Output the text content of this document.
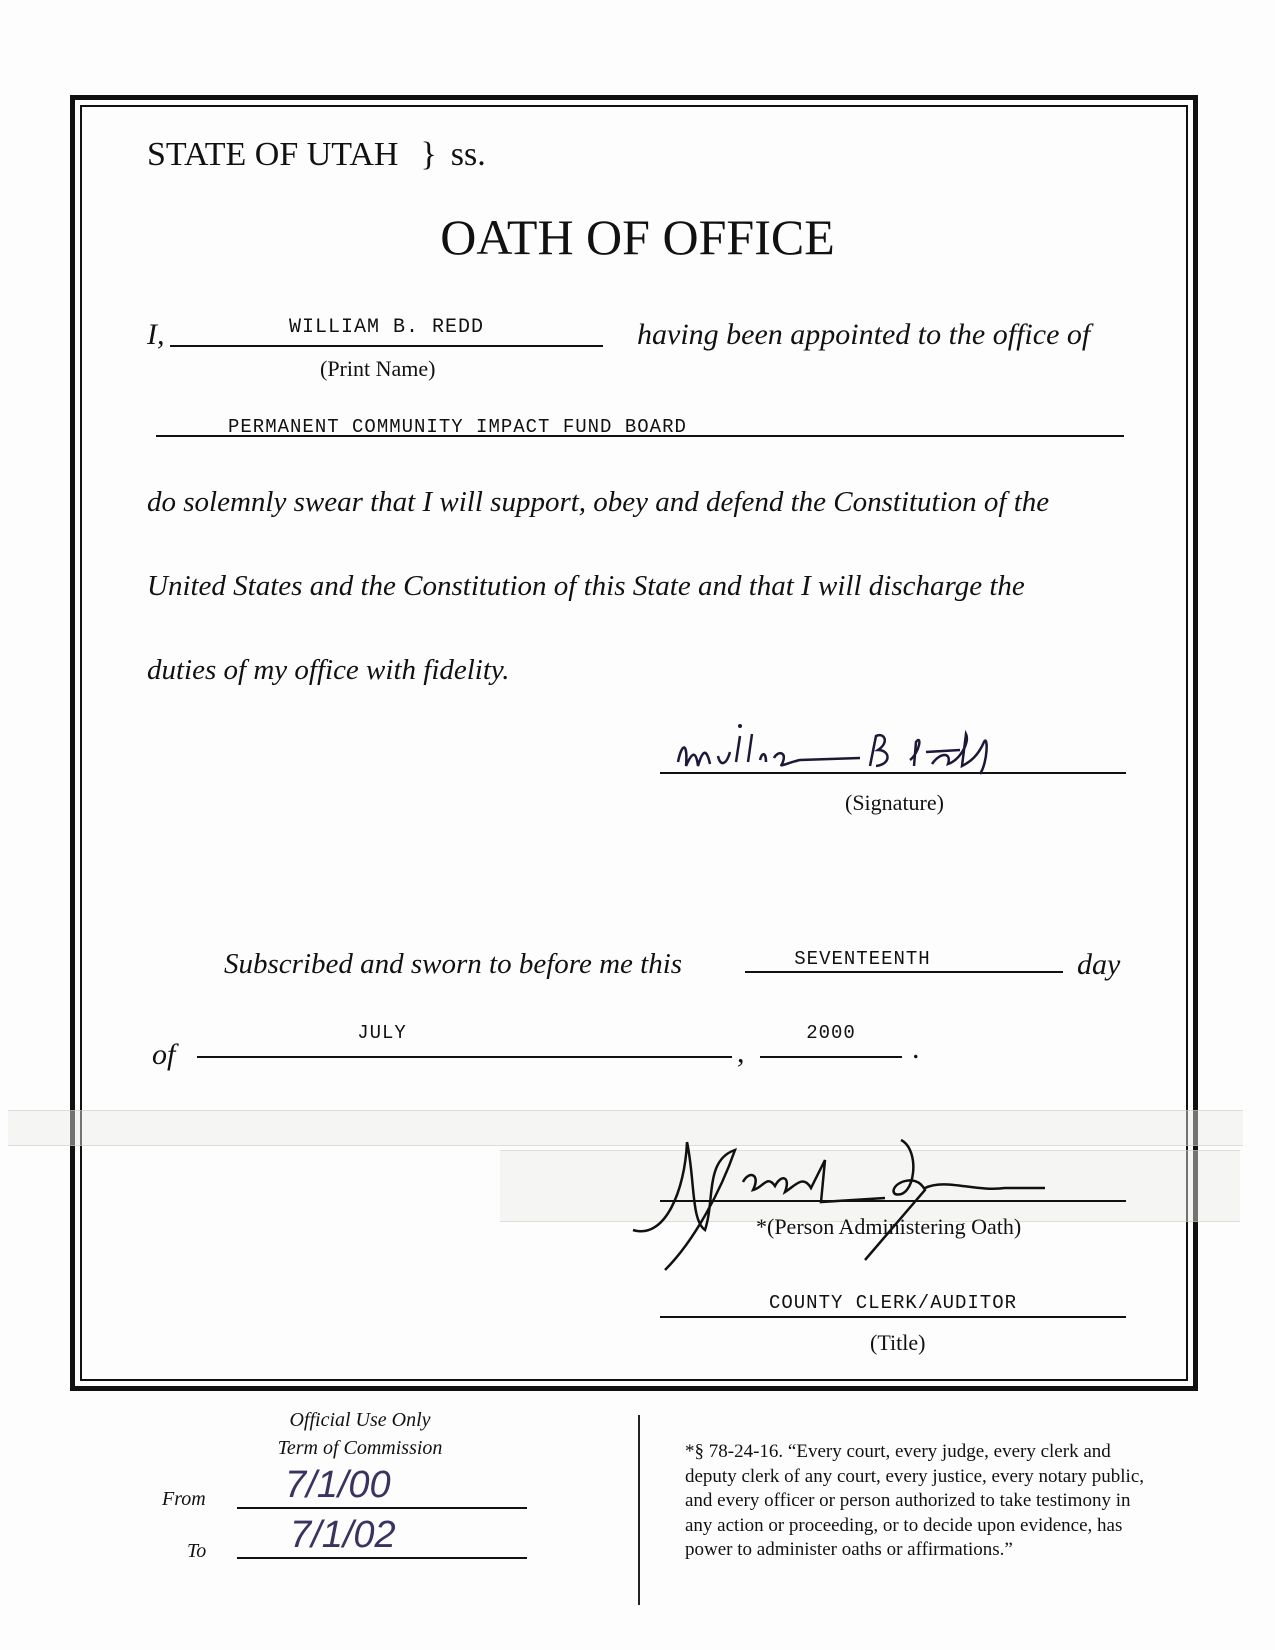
STATE OF UTAH } ss.
OATH OF OFFICE
I,	WILLIAM B. REDD
(Print Name)
having been appointed to the office of
PERMANENT COMMUNITY IMPACT FUND BOARD
do solemnly swear that I will support, obey and defend the Constitution of the
United States and the Constitution of this State and that I will discharge the
duties of my office with fidelity.
(Signature)
Subscribed and sworn to before me this	SEVENTEENTH	day
of
JULY
,
2000	.
*(Person Administering Oath)
COUNTY CLERK/AUDITOR
(Title)
Official Use Only
Term of Commission
From 7/1/00
To 7/1/02
*§ 78-24-16. “Every court, every judge, every clerk and
deputy clerk of any court, every justice, every notary public,
and every officer or person authorized to take testimony in
any action or proceeding, or to decide upon evidence, has
power to administer oaths or affirmations.”
